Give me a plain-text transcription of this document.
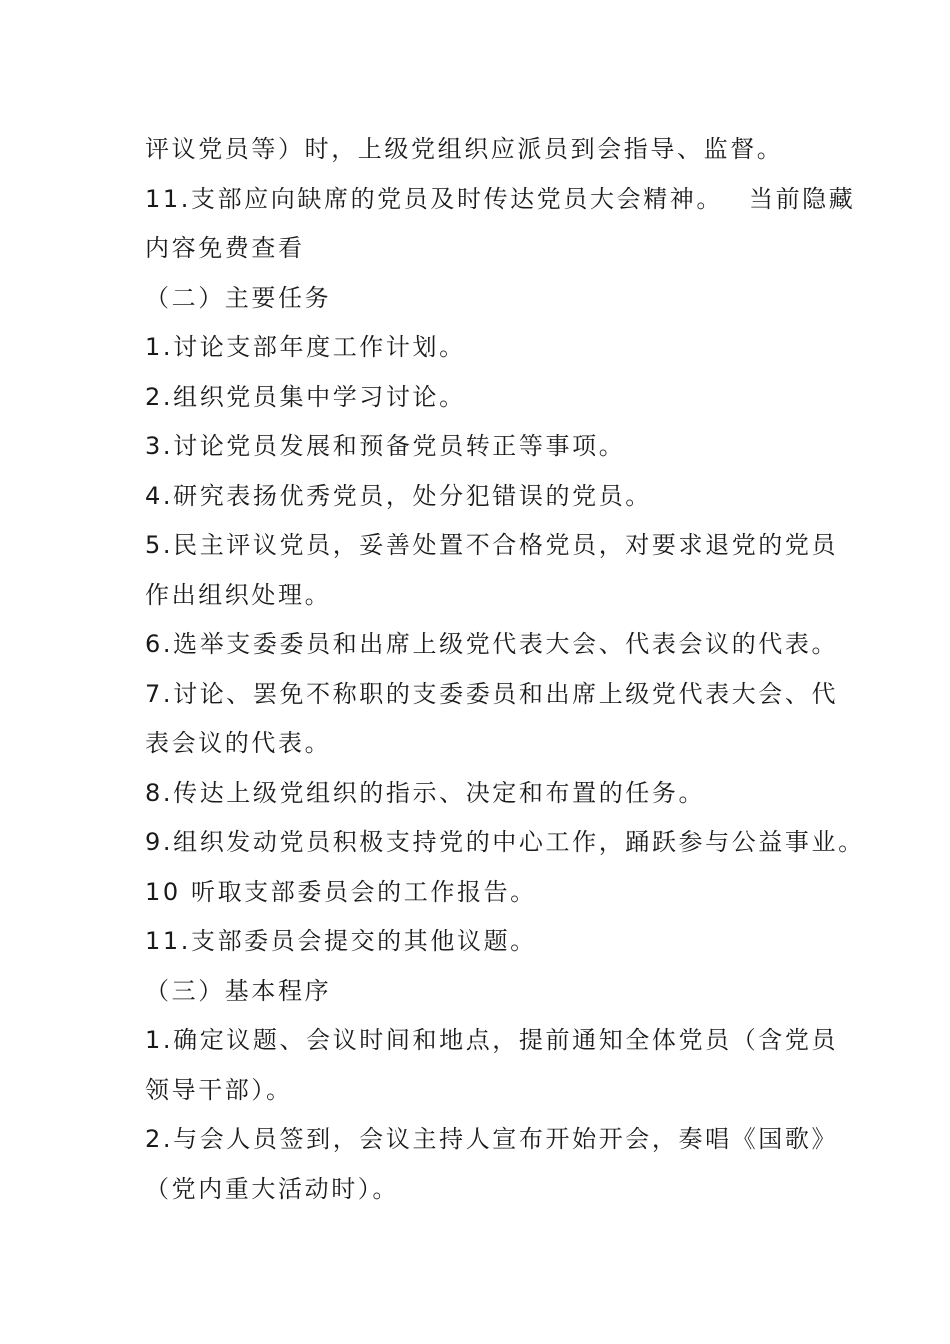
评议党员等）时，上级党组织应派员到会指导、监督。
11.支部应向缺席的党员及时传达党员大会精神。 当前隐藏
内容免费查看
（二）主要任务
1.讨论支部年度工作计划。
2.组织党员集中学习讨论。
3.讨论党员发展和预备党员转正等事项。
4.研究表扬优秀党员，处分犯错误的党员。
5.民主评议党员，妥善处置不合格党员，对要求退党的党员
作出组织处理。
6.选举支委委员和出席上级党代表大会、代表会议的代表。
7.讨论、罢免不称职的支委委员和出席上级党代表大会、代
表会议的代表。
8.传达上级党组织的指示、决定和布置的任务。
9.组织发动党员积极支持党的中心工作，踊跃参与公益事业。
10 听取支部委员会的工作报告。
11.支部委员会提交的其他议题。
（三）基本程序
1.确定议题、会议时间和地点，提前通知全体党员（含党员
领导干部）。
2.与会人员签到，会议主持人宣布开始开会，奏唱《国歌》
（党内重大活动时）。
